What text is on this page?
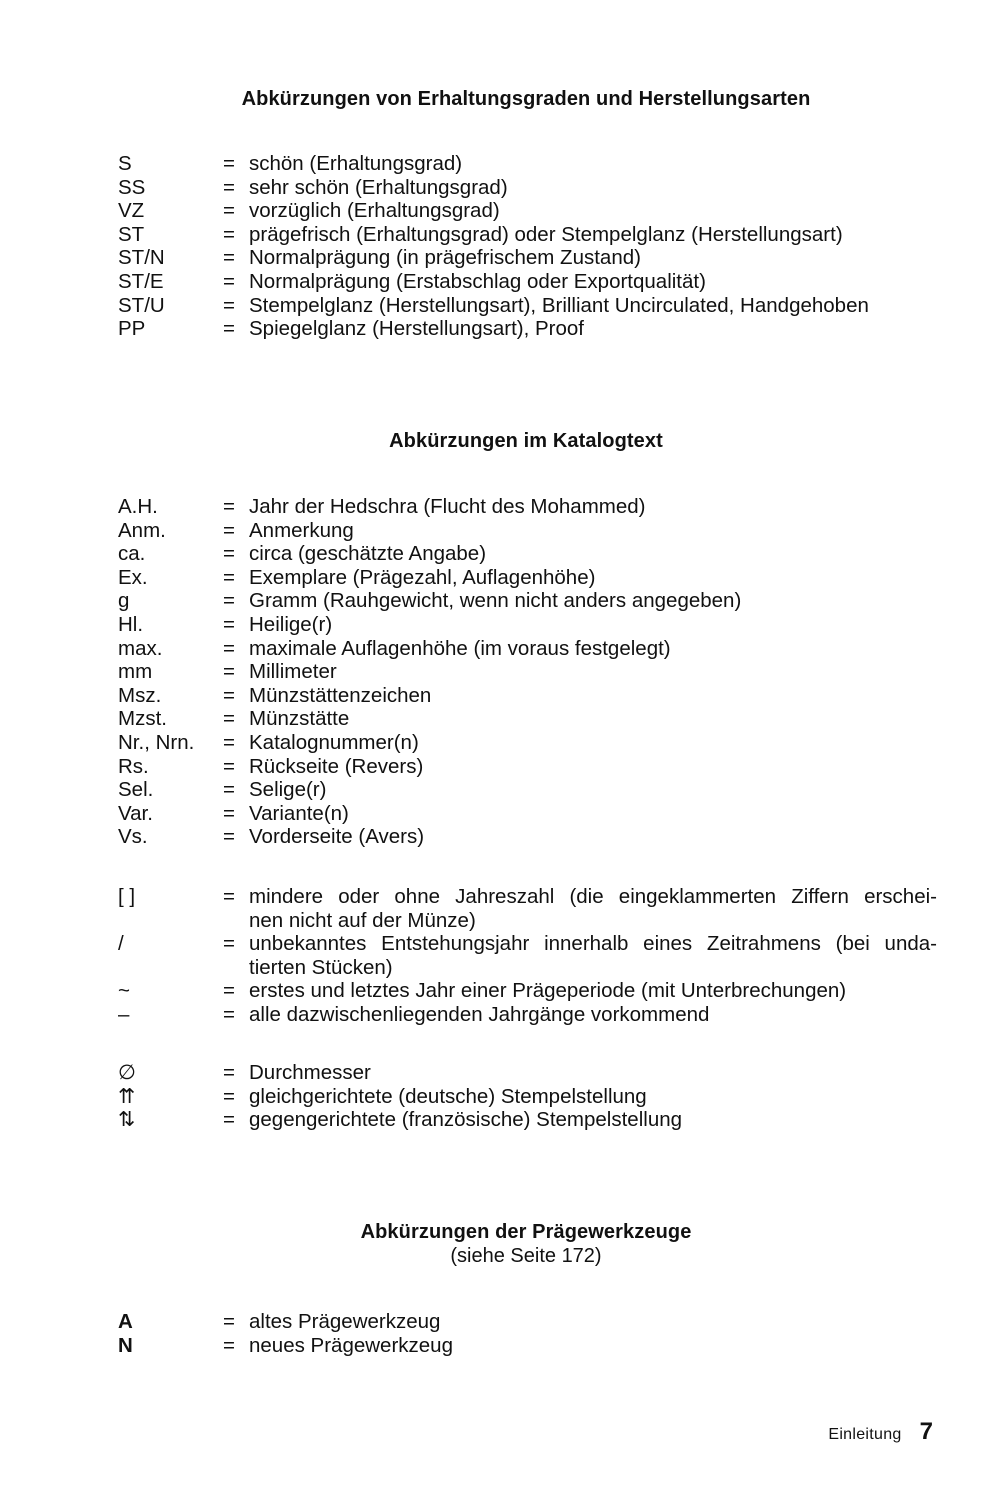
Abkürzungen von Erhaltungsgraden und Herstellungsarten
S	= schön (Erhaltungsgrad)
SS	= sehr schön (Erhaltungsgrad)
VZ	= vorzüglich (Erhaltungsgrad)
ST	= prägefrisch (Erhaltungsgrad) oder Stempelglanz (Herstellungsart)
ST/N	= Normalprägung (in prägefrischem Zustand)
ST/E	= Normalprägung (Erstabschlag oder Exportqualität)
ST/U	= Stempelglanz (Herstellungsart), Brilliant Uncirculated, Handgehoben
PP	= Spiegelglanz (Herstellungsart), Proof
Abkürzungen im Katalogtext
A.H.	= Jahr der Hedschra (Flucht des Mohammed)
Anm.	= Anmerkung
ca.	= circa (geschätzte Angabe)
Ex.	= Exemplare (Prägezahl, Auflagenhöhe)
g	= Gramm (Rauhgewicht, wenn nicht anders angegeben)
Hl.	= Heilige(r)
max.	= maximale Auflagenhöhe (im voraus festgelegt)
mm	= Millimeter
Msz.	= Münzstättenzeichen
Mzst.	= Münzstätte
Nr., Nrn.	= Katalognummer(n)
Rs.	= Rückseite (Revers)
Sel.	= Selige(r)
Var.	= Variante(n)
Vs.	= Vorderseite (Avers)
[ ]	= mindere oder ohne Jahreszahl (die eingeklammerten Ziffern erschei-
nen nicht auf der Münze)
/	= unbekanntes Entstehungsjahr innerhalb eines Zeitrahmens (bei unda-
tierten Stücken)
~	= erstes und letztes Jahr einer Prägeperiode (mit Unterbrechungen)
–	= alle dazwischenliegenden Jahrgänge vorkommend
∅	= Durchmesser
⇈	= gleichgerichtete (deutsche) Stempelstellung
⇅	= gegengerichtete (französische) Stempelstellung
Abkürzungen der Prägewerkzeuge
(siehe Seite 172)
A	= altes Prägewerkzeug
N	= neues Prägewerkzeug
Einleitung 7
